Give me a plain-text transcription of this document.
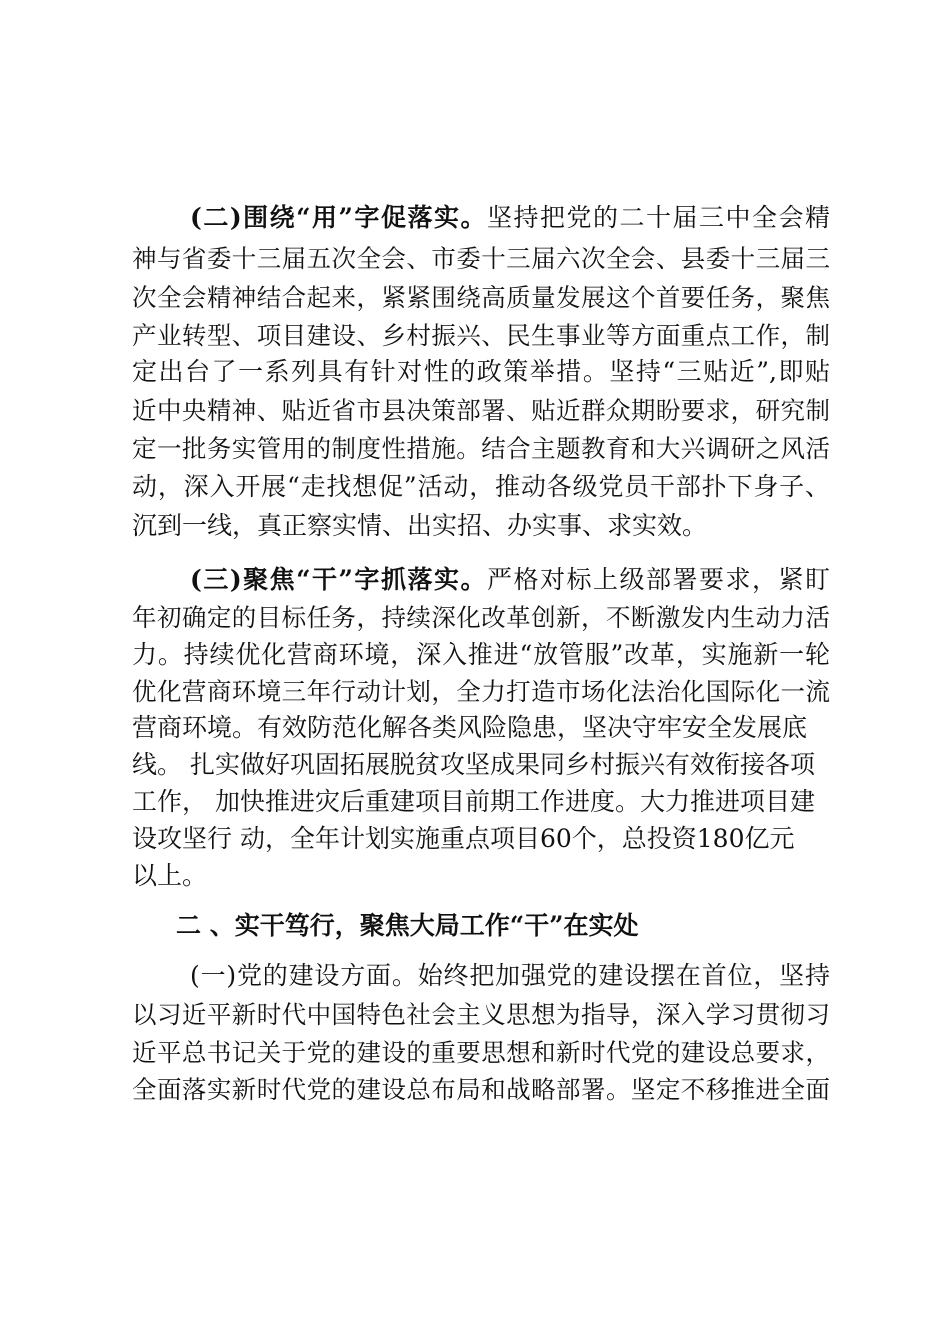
(二)围绕“用”字促落实。坚持把党的二十届三中全会精
神与省委十三届五次全会、市委十三届六次全会、县委十三届三
次全会精神结合起来，紧紧围绕高质量发展这个首要任务，聚焦
产业转型、项目建设、乡村振兴、民生事业等方面重点工作，制
定出台了一系列具有针对性的政策举措。坚持“三贴近”,即贴
近中央精神、贴近省市县决策部署、贴近群众期盼要求，研究制
定一批务实管用的制度性措施。结合主题教育和大兴调研之风活
动，深入开展“走找想促”活动，推动各级党员干部扑下身子、
沉到一线，真正察实情、出实招、办实事、求实效。
(三)聚焦“干”字抓落实。严格对标上级部署要求，紧盯
年初确定的目标任务，持续深化改革创新，不断激发内生动力活
力。持续优化营商环境，深入推进“放管服”改革，实施新一轮
优化营商环境三年行动计划，全力打造市场化法治化国际化一流
营商环境。有效防范化解各类风险隐患，坚决守牢安全发展底
线。 扎实做好巩固拓展脱贫攻坚成果同乡村振兴有效衔接各项
工作， 加快推进灾后重建项目前期工作进度。大力推进项目建
设攻坚行 动，全年计划实施重点项目60个，总投资180亿元
以上。
二 、实干笃行，聚焦大局工作“干”在实处
(一)党的建设方面。始终把加强党的建设摆在首位，坚持
以习近平新时代中国特色社会主义思想为指导，深入学习贯彻习
近平总书记关于党的建设的重要思想和新时代党的建设总要求，
全面落实新时代党的建设总布局和战略部署。坚定不移推进全面
